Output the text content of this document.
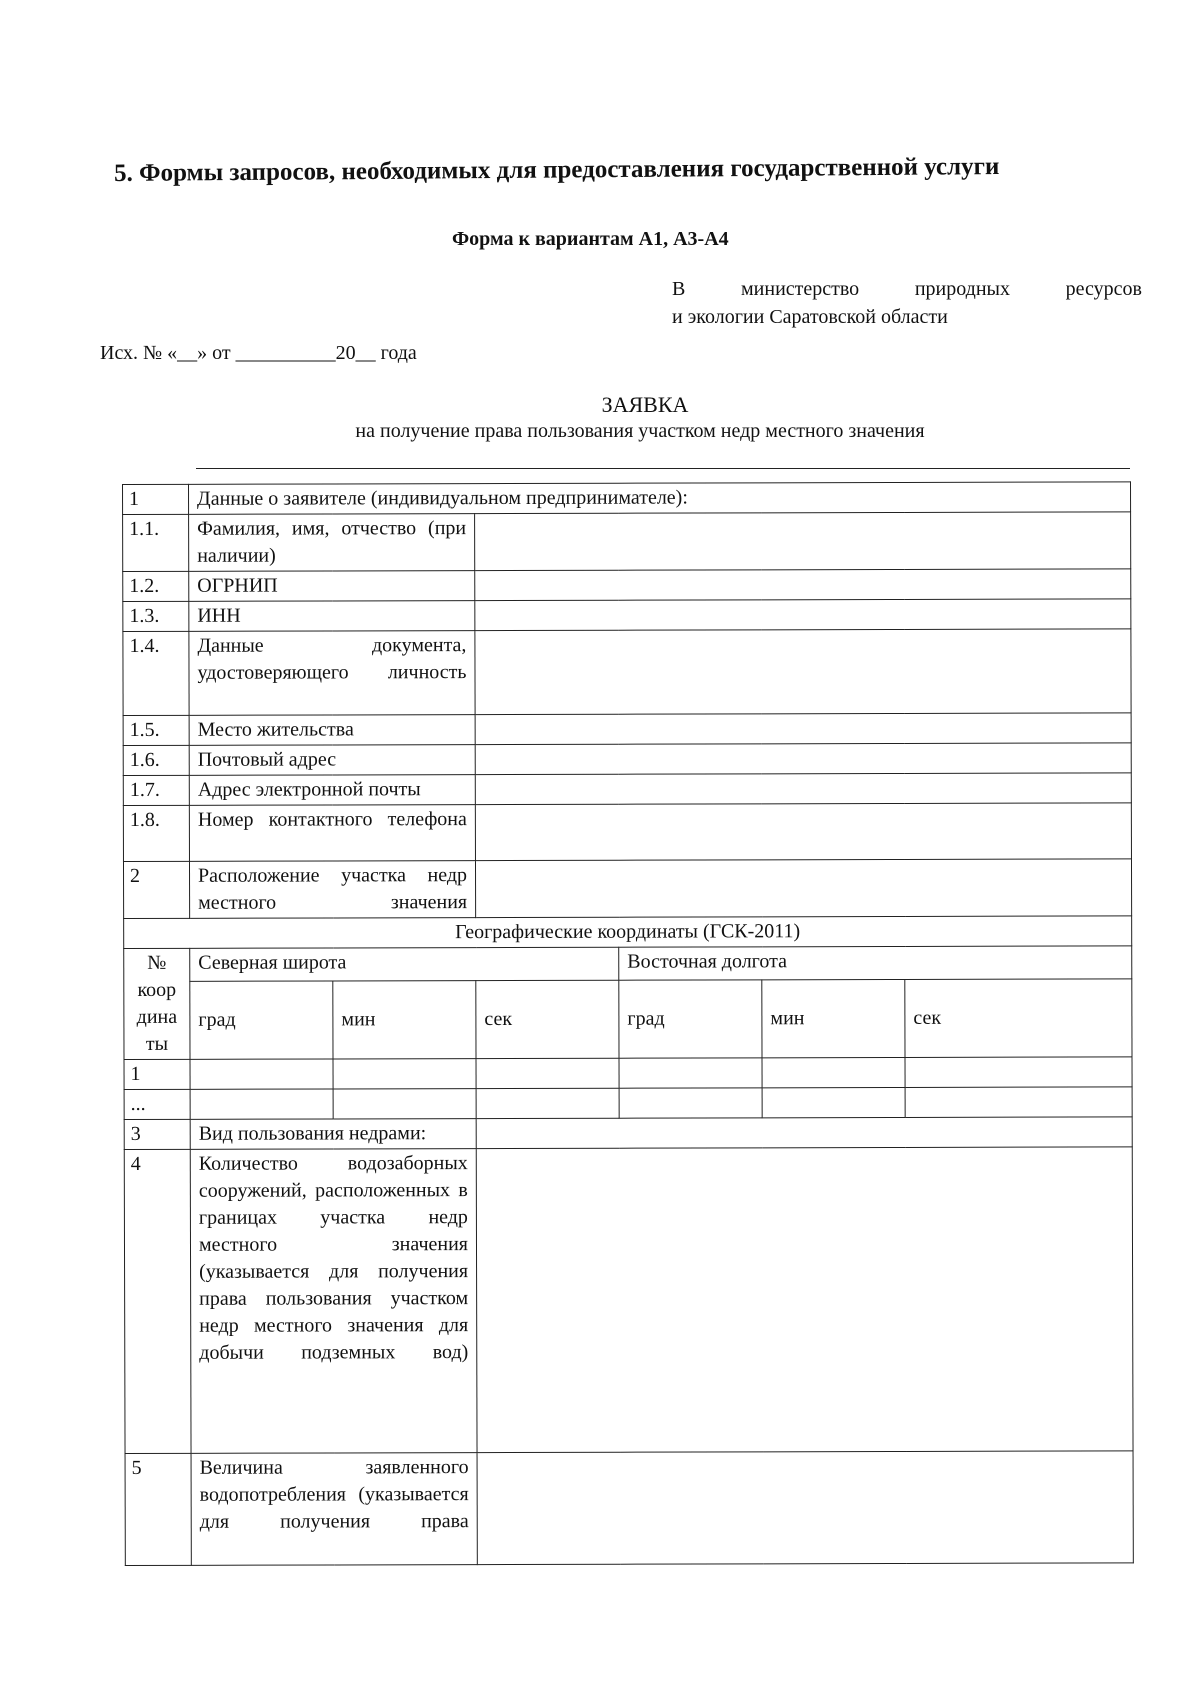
5. Формы запросов, необходимых для предоставления государственной услуги
Форма к вариантам А1, А3-А4
В	министерство	природных	ресурсов
и экологии Саратовской области
Исх. № «__» от __________20__ года
ЗАЯВКА
на получение права пользования участком недр местного значения
1	Данные о заявителе (индивидуальном предпринимателе):					
1.1.	Фамилия, имя, отчество (при наличии)					
1.2.	ОГРНИП					
1.3.	ИНН					
1.4.	Данные документа, удостоверяющего личность					
1.5.	Место жительства					
1.6.	Почтовый адрес					
1.7.	Адрес электронной почты					
1.8.	Номер контактного телефона					
2	Расположение участка недр местного значения					
Географические координаты (ГСК-2011)						
№ коор дина ты	Северная широта			Восточная долгота		
	град	мин	сек	град	мин	сек
1						
...						
3	Вид пользования недрами:					
4	Количество водозаборных сооружений, расположенных в границах участка недр местного значения (указывается для получения права пользования участком недр местного значения для добычи подземных вод)					
5	Величина заявленного водопотребления (указывается для получения права					
